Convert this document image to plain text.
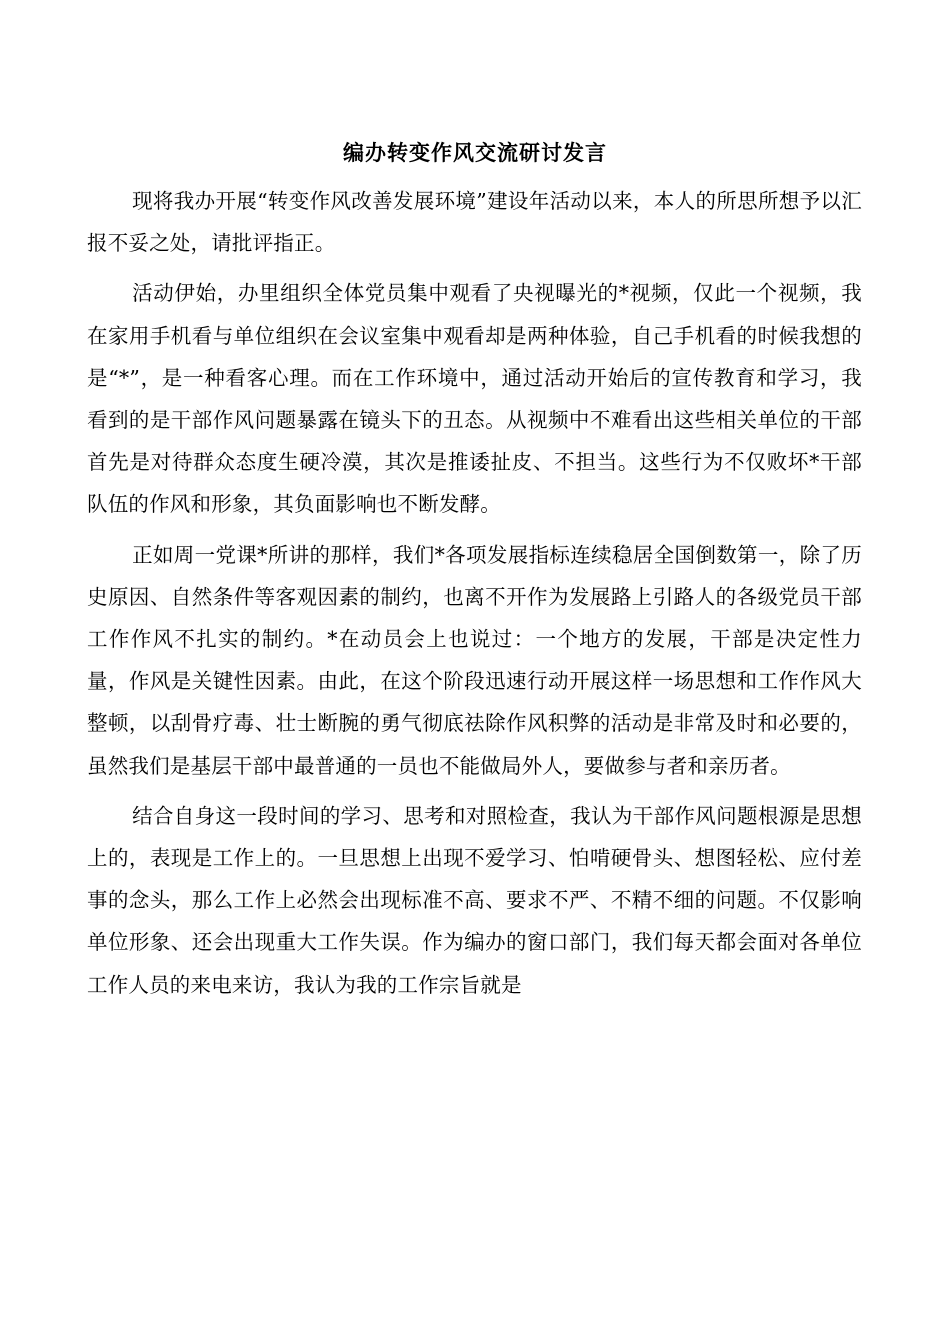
编办转变作风交流研讨发言

现将我办开展“转变作风改善发展环境”建设年活动以来，本人的所思所想予以汇报不妥之处，请批评指正。

活动伊始，办里组织全体党员集中观看了央视曝光的*视频，仅此一个视频，我在家用手机看与单位组织在会议室集中观看却是两种体验，自己手机看的时候我想的是“*”，是一种看客心理。而在工作环境中，通过活动开始后的宣传教育和学习，我看到的是干部作风问题暴露在镜头下的丑态。从视频中不难看出这些相关单位的干部首先是对待群众态度生硬冷漠，其次是推诿扯皮、不担当。这些行为不仅败坏*干部队伍的作风和形象，其负面影响也不断发酵。

正如周一党课*所讲的那样，我们*各项发展指标连续稳居全国倒数第一，除了历史原因、自然条件等客观因素的制约，也离不开作为发展路上引路人的各级党员干部工作作风不扎实的制约。*在动员会上也说过：一个地方的发展，干部是决定性力量，作风是关键性因素。由此，在这个阶段迅速行动开展这样一场思想和工作作风大整顿，以刮骨疗毒、壮士断腕的勇气彻底祛除作风积弊的活动是非常及时和必要的，虽然我们是基层干部中最普通的一员也不能做局外人，要做参与者和亲历者。

结合自身这一段时间的学习、思考和对照检查，我认为干部作风问题根源是思想上的，表现是工作上的。一旦思想上出现不爱学习、怕啃硬骨头、想图轻松、应付差事的念头，那么工作上必然会出现标准不高、要求不严、不精不细的问题。不仅影响单位形象、还会出现重大工作失误。作为编办的窗口部门，我们每天都会面对各单位工作人员的来电来访，我认为我的工作宗旨就是
